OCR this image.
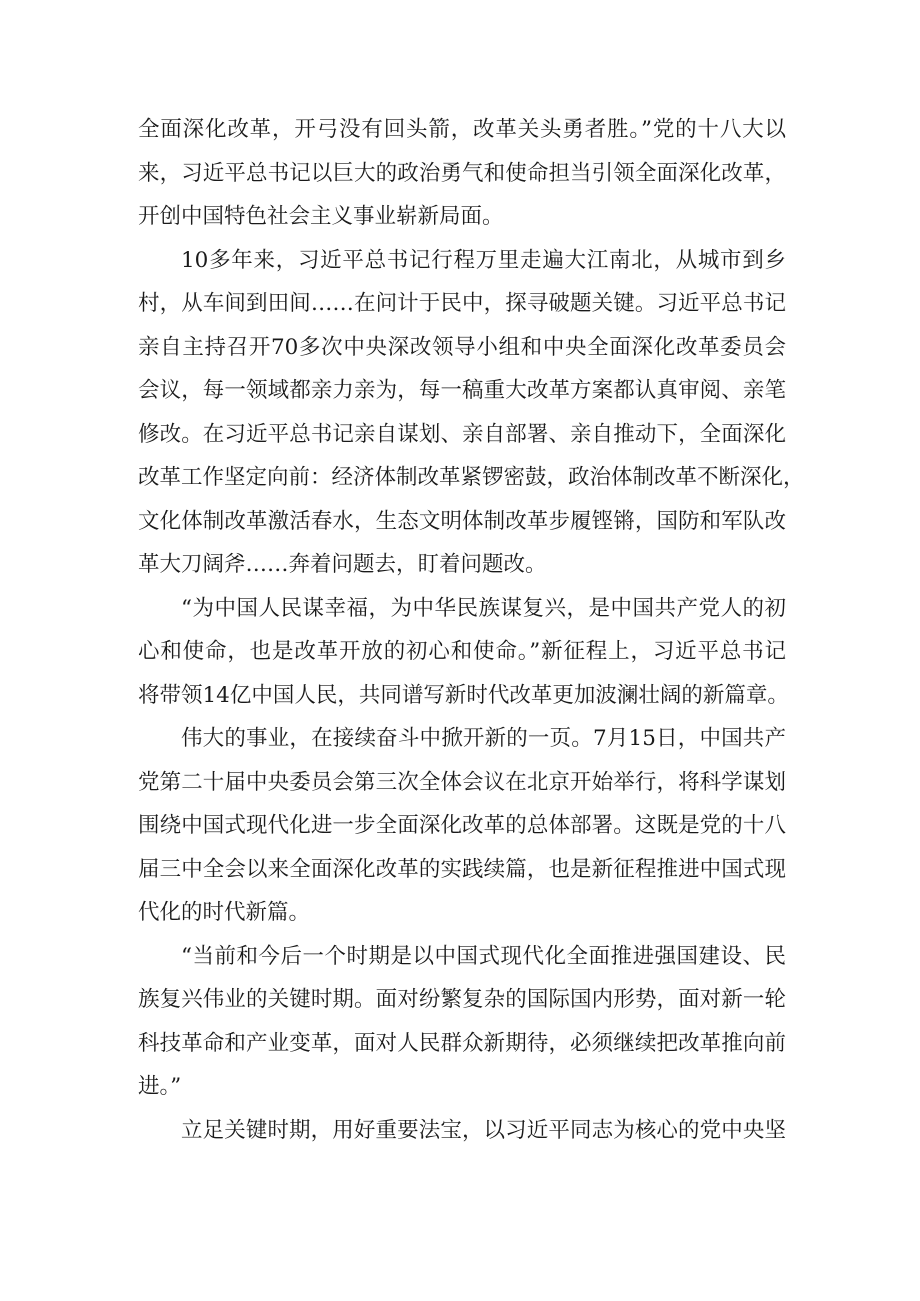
全面深化改革，开弓没有回头箭，改革关头勇者胜。”党的十八大以
来，习近平总书记以巨大的政治勇气和使命担当引领全面深化改革，
开创中国特色社会主义事业崭新局面。
10多年来，习近平总书记行程万里走遍大江南北，从城市到乡
村，从车间到田间……在问计于民中，探寻破题关键。习近平总书记
亲自主持召开70多次中央深改领导小组和中央全面深化改革委员会
会议，每一领域都亲力亲为，每一稿重大改革方案都认真审阅、亲笔
修改。在习近平总书记亲自谋划、亲自部署、亲自推动下，全面深化
改革工作坚定向前：经济体制改革紧锣密鼓，政治体制改革不断深化，
文化体制改革激活春水，生态文明体制改革步履铿锵，国防和军队改
革大刀阔斧……奔着问题去，盯着问题改。
“为中国人民谋幸福，为中华民族谋复兴，是中国共产党人的初
心和使命，也是改革开放的初心和使命。”新征程上，习近平总书记
将带领14亿中国人民，共同谱写新时代改革更加波澜壮阔的新篇章。
伟大的事业，在接续奋斗中掀开新的一页。7月15日，中国共产
党第二十届中央委员会第三次全体会议在北京开始举行，将科学谋划
围绕中国式现代化进一步全面深化改革的总体部署。这既是党的十八
届三中全会以来全面深化改革的实践续篇，也是新征程推进中国式现
代化的时代新篇。
“当前和今后一个时期是以中国式现代化全面推进强国建设、民
族复兴伟业的关键时期。面对纷繁复杂的国际国内形势，面对新一轮
科技革命和产业变革，面对人民群众新期待，必须继续把改革推向前
进。”
立足关键时期，用好重要法宝，以习近平同志为核心的党中央坚
